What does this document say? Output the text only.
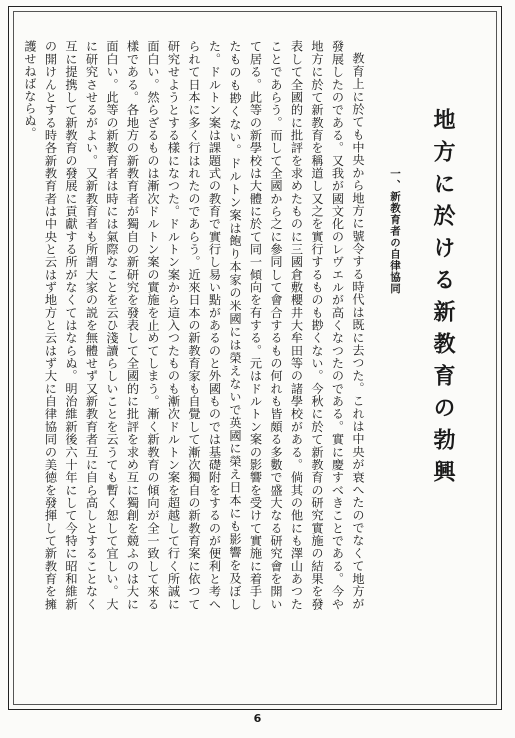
地方に於ける新教育の勃興
一、新教育者の自律協同

教育上に於ても中央から地方に號令する時代は既に去つた。これは中央が衰へたのでなくて地方が發展したのである。又我が國文化のレヴエルが高くなつたのである。實に慶すべきことである。今や地方に於て新教育を稱道し又之を實行するものも尠くない。今秋に於て新教育の研究實施の結果を發表して全國的に批評を求めたものに三國倉敷櫻井大牟田等の諸學校がある。倘其の他にも澤山あつたことであらう。而して全國から之に參同して會合するもの何れも皆頗る多數で盛大なる研究會を開いて居る。此等の新學校は大體に於て同一傾向を有する。元はドルトン案の影響を受けて實施に着手したものも尠くない。ドルトン案は飽り本家の米國には榮えないで英國に榮え日本にも影響を及ぼした。ドルトン案は課題式の教育で實行し易い點があるのと外國ものでは基礎附をするのが便利と考へられて日本に多く行はれたのであらう。近來日本の新教育家も自覺して漸次獨自の新教育案に依つて研究せようとする樣になつた。ドルトン案から這入つたものも漸次ドルトン案を超越して行く所誠に面白い。然らざるものは漸次ドルトン案の實施を止めてしまう。漸く新教育の傾向が全一致して來る樣である。各地方の新教育者が獨自の新研究を發表して全國的に批評を求め互に獨創を競ふのは大に面白い。此等の新教育者は時には氣際なことを云ひ淺讀らしいことを云うても暫く恕して宜しい。大に研究させるがよい。又新教育者も所謂大家の説を無體せず又新教育者互に自ら高しとすることなく互に提携して新教育の發展に貢獻する所がなくてはならぬ。明治維新後六十年にして今特に昭和維新の開けんとする時各新教育者は中央と云はず地方と云はず大に自律協同の美徳を發揮して新教育を擁護せねばならぬ。

6
